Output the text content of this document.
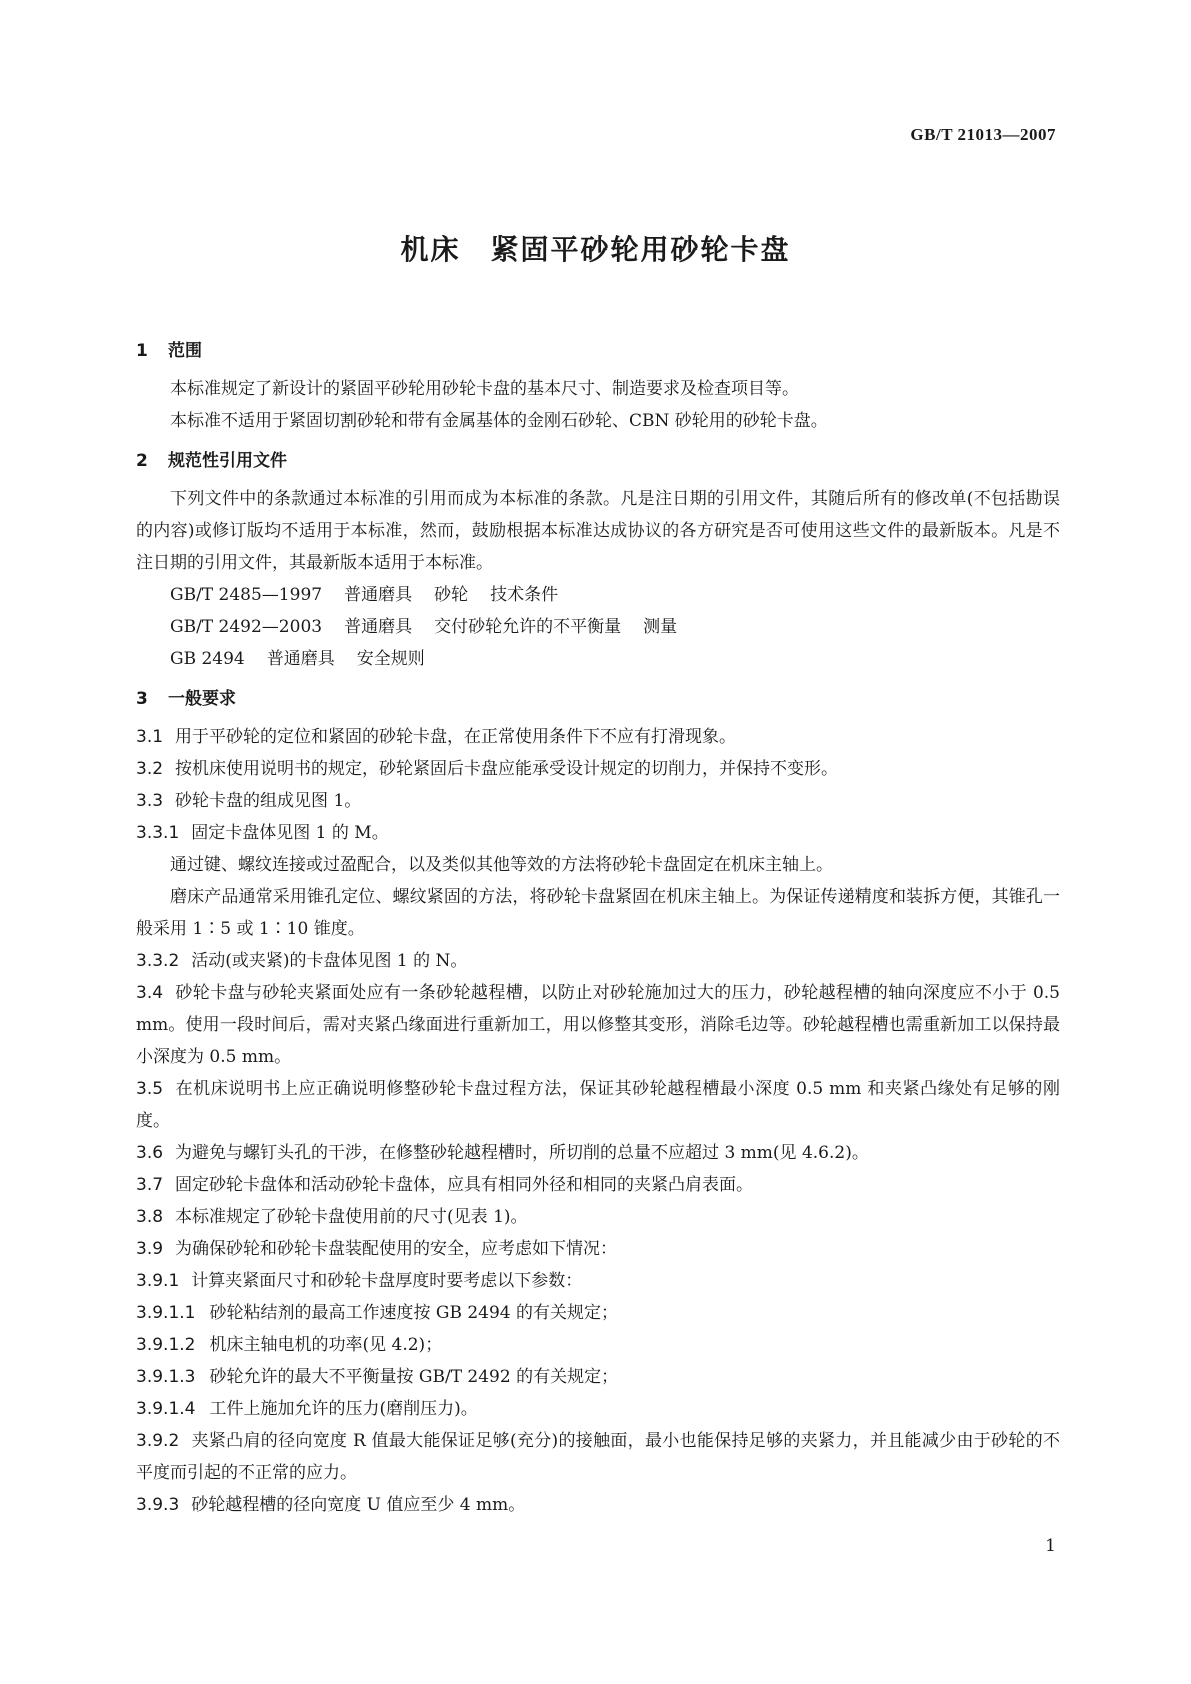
GB/T 21013—2007
机床 紧固平砂轮用砂轮卡盘
1 范围
本标准规定了新设计的紧固平砂轮用砂轮卡盘的基本尺寸、制造要求及检查项目等。
本标准不适用于紧固切割砂轮和带有金属基体的金刚石砂轮、CBN 砂轮用的砂轮卡盘。
2 规范性引用文件
下列文件中的条款通过本标准的引用而成为本标准的条款。凡是注日期的引用文件，其随后所有的修改单(不包括勘误的内容)或修订版均不适用于本标准，然而，鼓励根据本标准达成协议的各方研究是否可使用这些文件的最新版本。凡是不注日期的引用文件，其最新版本适用于本标准。
GB/T 2485—1997 普通磨具 砂轮 技术条件
GB/T 2492—2003 普通磨具 交付砂轮允许的不平衡量 测量
GB 2494 普通磨具 安全规则
3 一般要求
3.1 用于平砂轮的定位和紧固的砂轮卡盘，在正常使用条件下不应有打滑现象。
3.2 按机床使用说明书的规定，砂轮紧固后卡盘应能承受设计规定的切削力，并保持不变形。
3.3 砂轮卡盘的组成见图 1。
3.3.1 固定卡盘体见图 1 的 M。
通过键、螺纹连接或过盈配合，以及类似其他等效的方法将砂轮卡盘固定在机床主轴上。
磨床产品通常采用锥孔定位、螺纹紧固的方法，将砂轮卡盘紧固在机床主轴上。为保证传递精度和装拆方便，其锥孔一般采用 1∶5 或 1∶10 锥度。
3.3.2 活动(或夹紧)的卡盘体见图 1 的 N。
3.4 砂轮卡盘与砂轮夹紧面处应有一条砂轮越程槽，以防止对砂轮施加过大的压力，砂轮越程槽的轴向深度应不小于 0.5 mm。使用一段时间后，需对夹紧凸缘面进行重新加工，用以修整其变形，消除毛边等。砂轮越程槽也需重新加工以保持最小深度为 0.5 mm。
3.5 在机床说明书上应正确说明修整砂轮卡盘过程方法，保证其砂轮越程槽最小深度 0.5 mm 和夹紧凸缘处有足够的刚度。
3.6 为避免与螺钉头孔的干涉，在修整砂轮越程槽时，所切削的总量不应超过 3 mm(见 4.6.2)。
3.7 固定砂轮卡盘体和活动砂轮卡盘体，应具有相同外径和相同的夹紧凸肩表面。
3.8 本标准规定了砂轮卡盘使用前的尺寸(见表 1)。
3.9 为确保砂轮和砂轮卡盘装配使用的安全，应考虑如下情况：
3.9.1 计算夹紧面尺寸和砂轮卡盘厚度时要考虑以下参数：
3.9.1.1 砂轮粘结剂的最高工作速度按 GB 2494 的有关规定；
3.9.1.2 机床主轴电机的功率(见 4.2)；
3.9.1.3 砂轮允许的最大不平衡量按 GB/T 2492 的有关规定；
3.9.1.4 工件上施加允许的压力(磨削压力)。
3.9.2 夹紧凸肩的径向宽度 R 值最大能保证足够(充分)的接触面，最小也能保持足够的夹紧力，并且能减少由于砂轮的不平度而引起的不正常的应力。
3.9.3 砂轮越程槽的径向宽度 U 值应至少 4 mm。
1
